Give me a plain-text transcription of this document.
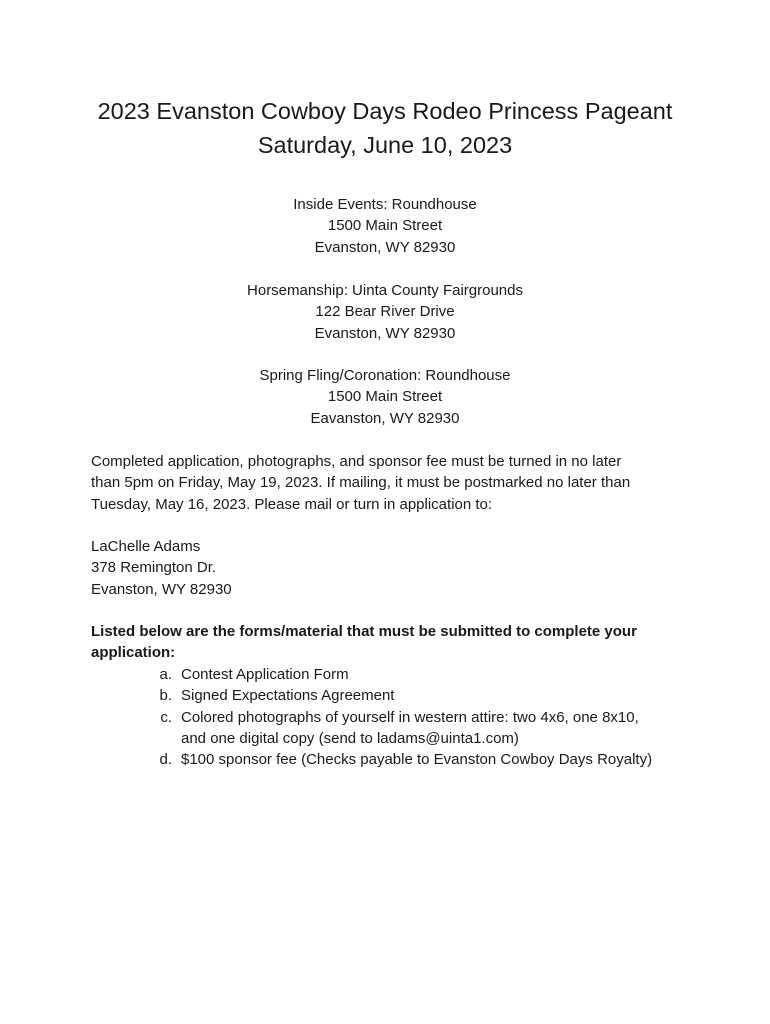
2023 Evanston Cowboy Days Rodeo Princess Pageant
Saturday, June 10, 2023
Inside Events: Roundhouse
1500 Main Street
Evanston, WY 82930
Horsemanship: Uinta County Fairgrounds
122 Bear River Drive
Evanston, WY 82930
Spring Fling/Coronation: Roundhouse
1500 Main Street
Eavanston, WY 82930
Completed application, photographs, and sponsor fee must be turned in no later
than 5pm on Friday, May 19, 2023. If mailing, it must be postmarked no later than
Tuesday, May 16, 2023. Please mail or turn in application to:
LaChelle Adams
378 Remington Dr.
Evanston, WY 82930
Listed below are the forms/material that must be submitted to complete your
application:
a. Contest Application Form
b. Signed Expectations Agreement
c. Colored photographs of yourself in western attire: two 4x6, one 8x10,
and one digital copy (send to ladams@uinta1.com)
d. $100 sponsor fee (Checks payable to Evanston Cowboy Days Royalty)
